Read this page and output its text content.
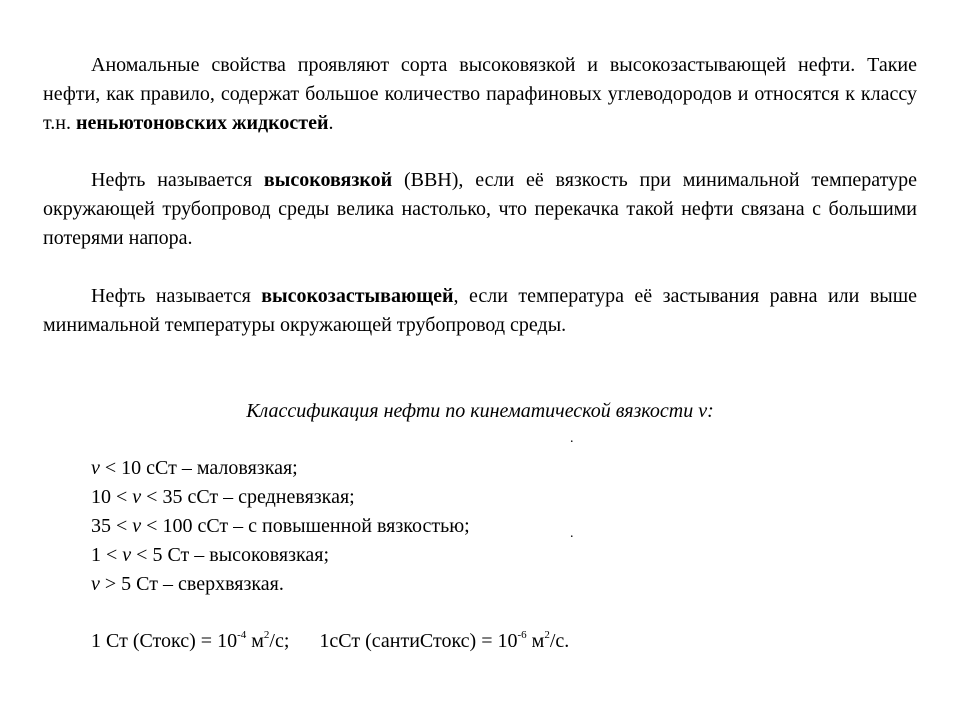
Аномальные свойства проявляют сорта высоковязкой и высокозастывающей нефти. Такие нефти, как правило, содержат большое количество парафиновых углеводородов и относятся к классу т.н. неньютоновских жидкостей.

Нефть называется высоковязкой (ВВН), если её вязкость при минимальной температуре окружающей трубопровод среды велика настолько, что перекачка такой нефти связана с большими потерями напора.

Нефть называется высокозастывающей, если температура её застывания равна или выше минимальной температуры окружающей трубопровод среды.

Классификация нефти по кинематической вязкости ν:

.
.
ν < 10 сСт – маловязкая;
10 < ν < 35 сСт – средневязкая;
35 < ν < 100 сСт – с повышенной вязкостью;
1 < ν < 5 Ст – высоковязкая;
ν > 5 Ст – сверхвязкая.

1 Ст (Стокс) = $10^{-4}$ $м^2/с$; 1сСт (сантиСтокс) = $10^{-6}$ $м^2/с$.
